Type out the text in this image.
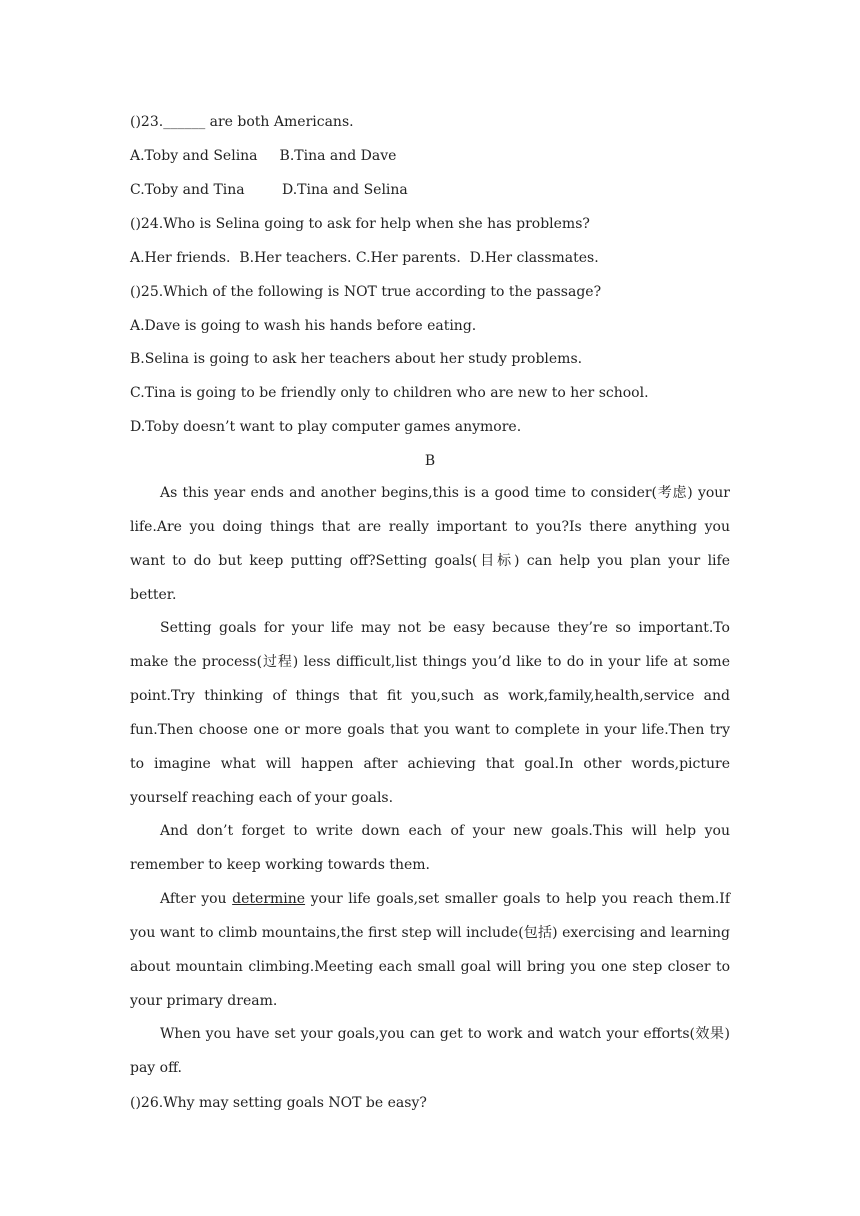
()23.______ are both Americans.
A.Toby and Selina B.Tina and Dave
C.Toby and Tina	D.Tina and Selina
()24.Who is Selina going to ask for help when she has problems?
A.Her friends.  B.Her teachers. C.Her parents.  D.Her classmates.
()25.Which of the following is NOT true according to the passage?
A.Dave is going to wash his hands before eating.
B.Selina is going to ask her teachers about her study problems.
C.Tina is going to be friendly only to children who are new to her school.
D.Toby doesn’t want to play computer games anymore.
B
As this year ends and another begins,this is a good time to consider(考虑) your life.Are you doing things that are really important to you?Is there anything you want to do but keep putting off?Setting goals(目标) can help you plan your life better.
Setting goals for your life may not be easy because they’re so important.To make the process(过程) less difficult,list things you’d like to do in your life at some point.Try thinking of things that fit you,such as work,family,health,service and fun.Then choose one or more goals that you want to complete in your life.Then try to imagine what will happen after achieving that goal.In other words,picture yourself reaching each of your goals.
And don’t forget to write down each of your new goals.This will help you remember to keep working towards them.
After you determine your life goals,set smaller goals to help you reach them.If you want to climb mountains,the first step will include(包括) exercising and learning about mountain climbing.Meeting each small goal will bring you one step closer to your primary dream.
When you have set your goals,you can get to work and watch your efforts(效果) pay off.
()26.Why may setting goals NOT be easy?
